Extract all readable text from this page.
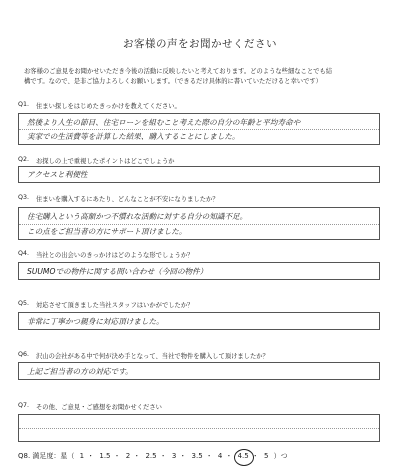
お客様の声をお聞かせください
お客様のご意見をお聞かせいただき今後の活動に反映したいと考えております。どのような些細なことでも結
構です。なので、是非ご協力よろしくお願いします。（できるだけ具体的に書いていただけると幸いです）
Q1. 住まい探しをはじめたきっかけを教えてください。
然後より人生の節目、住宅ローンを組むこと考えた際の自分の年齢と平均寿命や
実家での生活費等を計算した結果、購入することにしました。
Q2. お探しの上で重視したポイントはどこでしょうか
アクセスと利便性
Q3. 住まいを購入するにあたり、どんなことが不安になりましたか？
住宅購入という高額かつ不慣れな活動に対する自分の知識不足。
この点をご担当者の方にサポート頂けました。
Q4. 当社との出会いのきっかけはどのような形でしょうか？
SUUMOでの物件に関する問い合わせ（今回の物件）
Q5. 対応させて頂きました当社スタッフはいかがでしたか？
非常に丁寧かつ親身に対応頂けました。
Q6. 沢山の会社がある中で何が決め手となって、当社で物件を購入して頂けましたか？
上記ご担当者の方の対応です。
Q7. その他、ご意見・ご感想をお聞かせください
Q8. 満足度：星（ 1 ・ 1.5 ・ 2 ・ 2.5 ・ 3 ・ 3.5 ・ 4 ・ 4.5 ・ 5 ）つ
